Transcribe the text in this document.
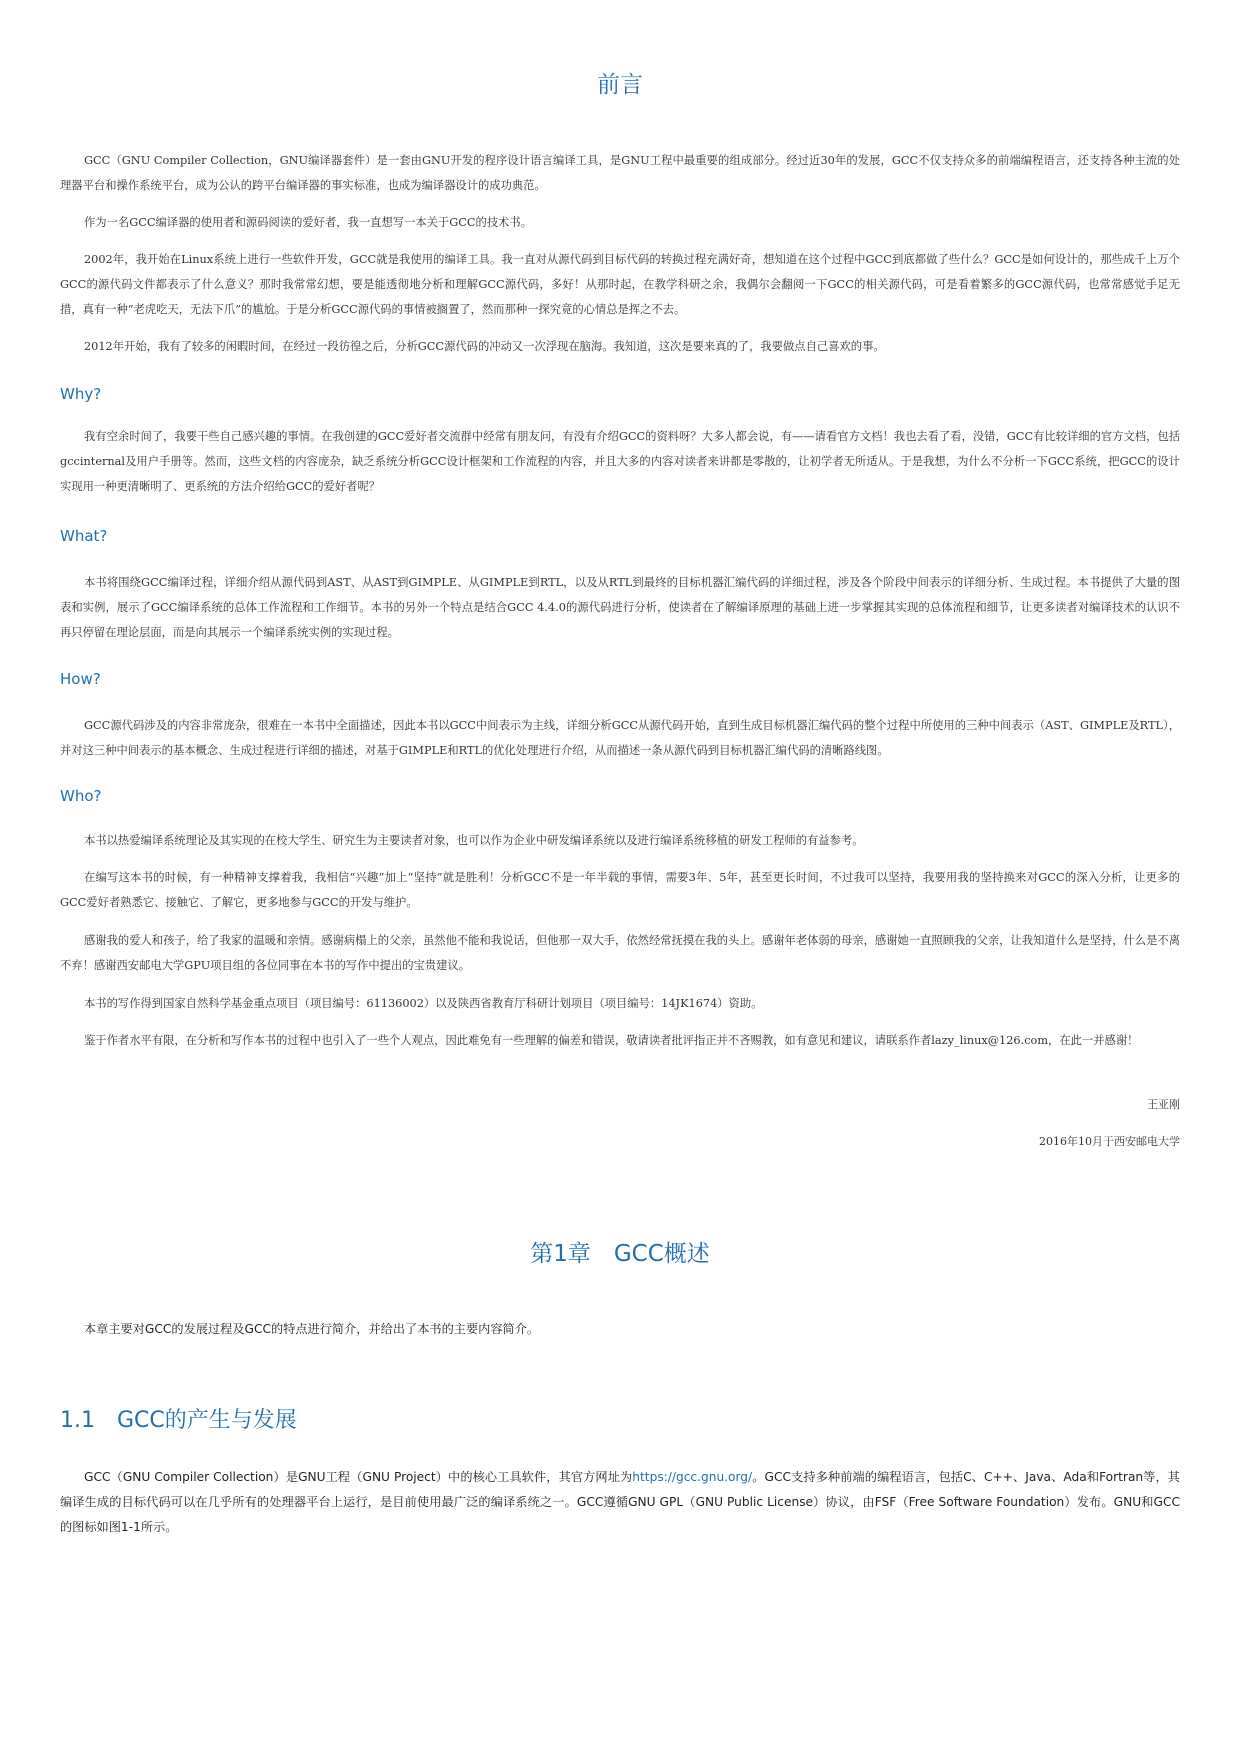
前言

GCC（GNU Compiler Collection，GNU编译器套件）是一套由GNU开发的程序设计语言编译工具，是GNU工程中最重要的组成部分。经过近30年的发展，GCC不仅支持众多的前端编程语言，还支持各种主流的处理器平台和操作系统平台，成为公认的跨平台编译器的事实标准，也成为编译器设计的成功典范。

作为一名GCC编译器的使用者和源码阅读的爱好者，我一直想写一本关于GCC的技术书。

2002年，我开始在Linux系统上进行一些软件开发，GCC就是我使用的编译工具。我一直对从源代码到目标代码的转换过程充满好奇，想知道在这个过程中GCC到底都做了些什么？GCC是如何设计的，那些成千上万个GCC的源代码文件都表示了什么意义？那时我常常幻想，要是能透彻地分析和理解GCC源代码，多好！从那时起，在教学科研之余，我偶尔会翻阅一下GCC的相关源代码，可是看着繁多的GCC源代码，也常常感觉手足无措，真有一种“老虎吃天，无法下爪”的尴尬。于是分析GCC源代码的事情被搁置了，然而那种一探究竟的心情总是挥之不去。

2012年开始，我有了较多的闲暇时间，在经过一段彷徨之后，分析GCC源代码的冲动又一次浮现在脑海。我知道，这次是要来真的了，我要做点自己喜欢的事。

Why?

我有空余时间了，我要干些自己感兴趣的事情。在我创建的GCC爱好者交流群中经常有朋友问，有没有介绍GCC的资料呀？大多人都会说，有——请看官方文档！我也去看了看，没错，GCC有比较详细的官方文档，包括gccinternal及用户手册等。然而，这些文档的内容庞杂，缺乏系统分析GCC设计框架和工作流程的内容，并且大多的内容对读者来讲都是零散的，让初学者无所适从。于是我想，为什么不分析一下GCC系统，把GCC的设计实现用一种更清晰明了、更系统的方法介绍给GCC的爱好者呢？

What?

本书将围绕GCC编译过程，详细介绍从源代码到AST、从AST到GIMPLE、从GIMPLE到RTL，以及从RTL到最终的目标机器汇编代码的详细过程，涉及各个阶段中间表示的详细分析、生成过程。本书提供了大量的图表和实例，展示了GCC编译系统的总体工作流程和工作细节。本书的另外一个特点是结合GCC 4.4.0的源代码进行分析，使读者在了解编译原理的基础上进一步掌握其实现的总体流程和细节，让更多读者对编译技术的认识不再只停留在理论层面，而是向其展示一个编译系统实例的实现过程。

How?

GCC源代码涉及的内容非常庞杂，很难在一本书中全面描述，因此本书以GCC中间表示为主线，详细分析GCC从源代码开始，直到生成目标机器汇编代码的整个过程中所使用的三种中间表示（AST、GIMPLE及RTL），并对这三种中间表示的基本概念、生成过程进行详细的描述，对基于GIMPLE和RTL的优化处理进行介绍，从而描述一条从源代码到目标机器汇编代码的清晰路线图。

Who?

本书以热爱编译系统理论及其实现的在校大学生、研究生为主要读者对象，也可以作为企业中研发编译系统以及进行编译系统移植的研发工程师的有益参考。

在编写这本书的时候，有一种精神支撑着我，我相信“兴趣”加上“坚持”就是胜利！分析GCC不是一年半载的事情，需要3年、5年，甚至更长时间，不过我可以坚持，我要用我的坚持换来对GCC的深入分析，让更多的GCC爱好者熟悉它、接触它、了解它，更多地参与GCC的开发与维护。

感谢我的爱人和孩子，给了我家的温暖和亲情。感谢病榻上的父亲，虽然他不能和我说话，但他那一双大手，依然经常抚摸在我的头上。感谢年老体弱的母亲，感谢她一直照顾我的父亲，让我知道什么是坚持，什么是不离不弃！感谢西安邮电大学GPU项目组的各位同事在本书的写作中提出的宝贵建议。

本书的写作得到国家自然科学基金重点项目（项目编号：61136002）以及陕西省教育厅科研计划项目（项目编号：14JK1674）资助。

鉴于作者水平有限，在分析和写作本书的过程中也引入了一些个人观点，因此难免有一些理解的偏差和错误，敬请读者批评指正并不吝赐教，如有意见和建议，请联系作者lazy_linux@126.com，在此一并感谢！

王亚刚

2016年10月于西安邮电大学

第1章　GCC概述

本章主要对GCC的发展过程及GCC的特点进行简介，并给出了本书的主要内容简介。

1.1 GCC的产生与发展

GCC（GNU Compiler Collection）是GNU工程（GNU Project）中的核心工具软件，其官方网址为https://gcc.gnu.org/。GCC支持多种前端的编程语言，包括C、C++、Java、Ada和Fortran等，其编译生成的目标代码可以在几乎所有的处理器平台上运行，是目前使用最广泛的编译系统之一。GCC遵循GNU GPL（GNU Public License）协议，由FSF（Free Software Foundation）发布。GNU和GCC的图标如图1-1所示。
